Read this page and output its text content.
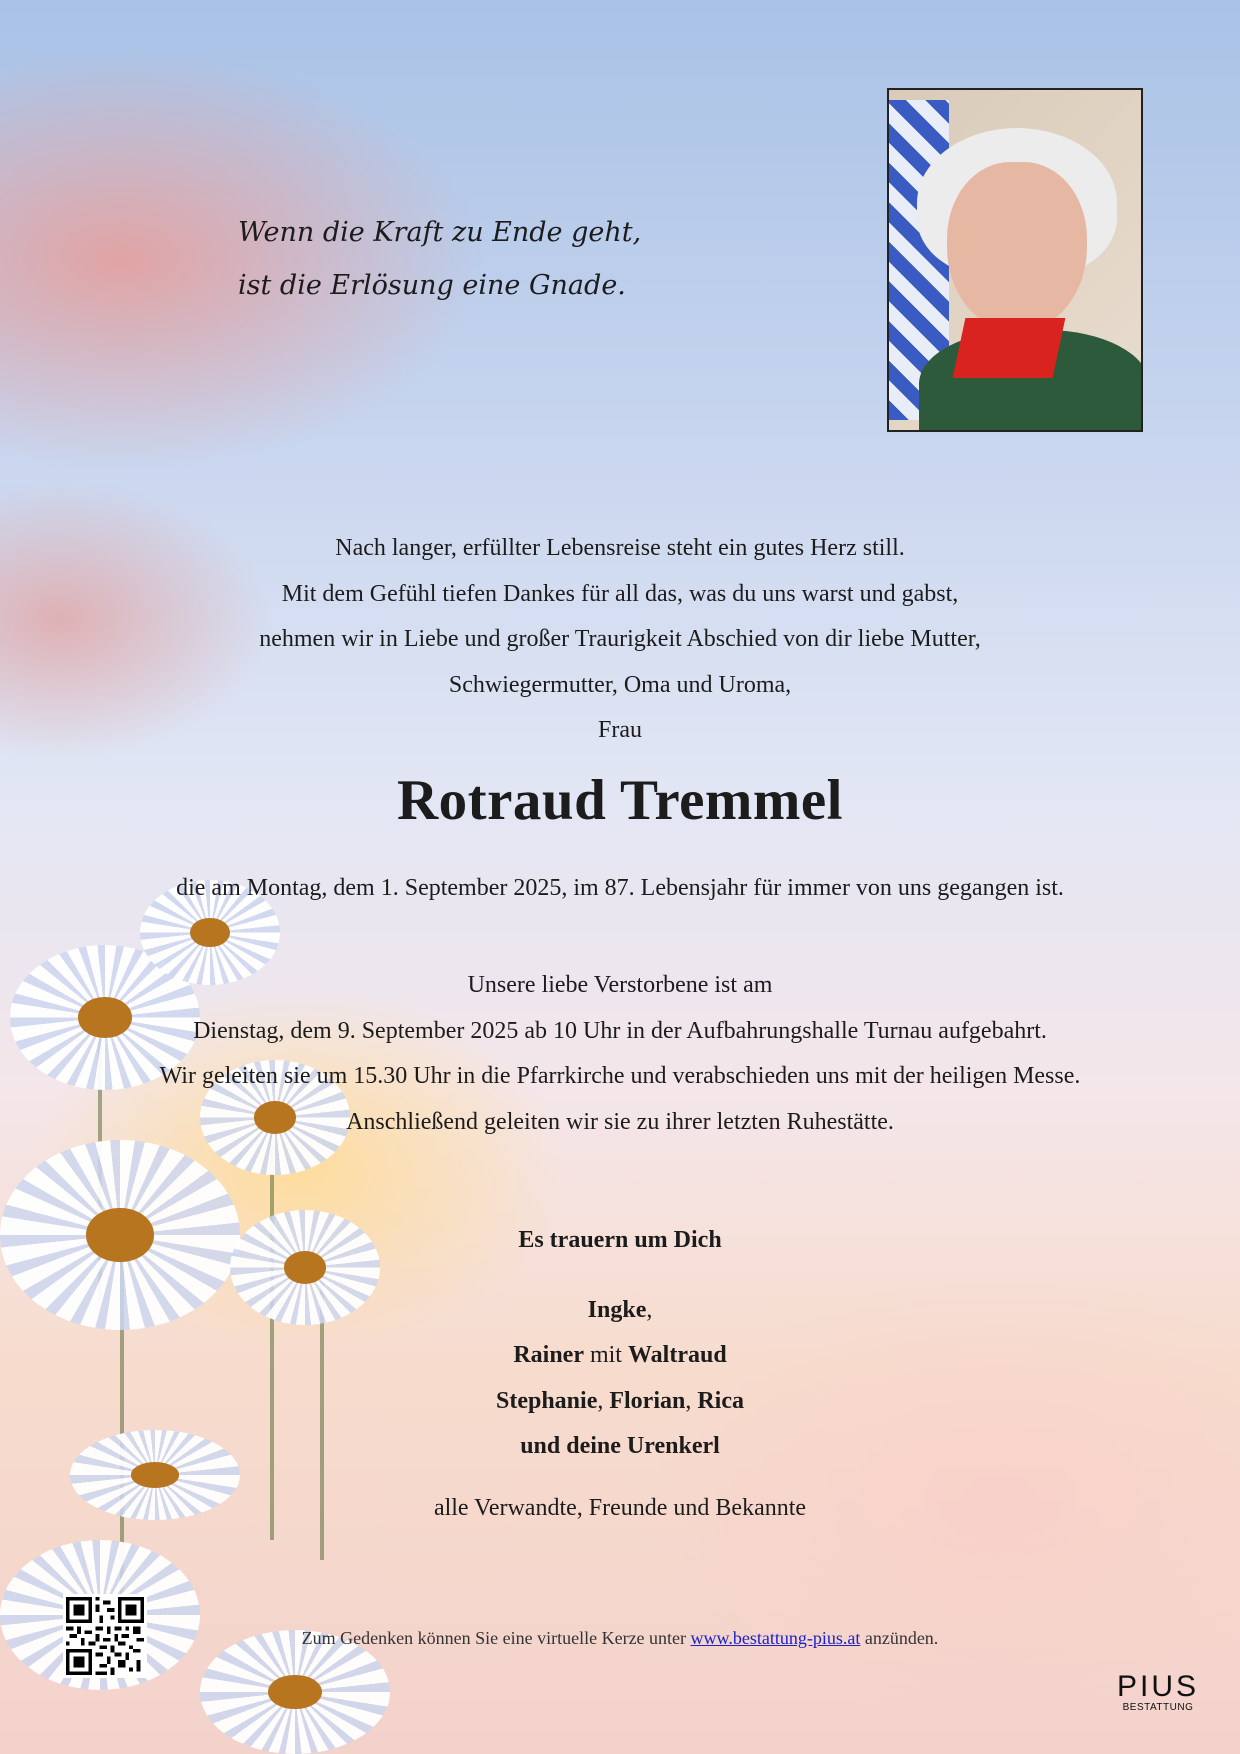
Wenn die Kraft zu Ende geht,
ist die Erlösung eine Gnade.
Nach langer, erfüllter Lebensreise steht ein gutes Herz still.
Mit dem Gefühl tiefen Dankes für all das, was du uns warst und gabst,
nehmen wir in Liebe und großer Traurigkeit Abschied von dir liebe Mutter,
Schwiegermutter, Oma und Uroma,
Frau
Rotraud Tremmel
die am Montag, dem 1. September 2025, im 87. Lebensjahr für immer von uns gegangen ist.
Unsere liebe Verstorbene ist am
Dienstag, dem 9. September 2025 ab 10 Uhr in der Aufbahrungshalle Turnau aufgebahrt.
Wir geleiten sie um 15.30 Uhr in die Pfarrkirche und verabschieden uns mit der heiligen Messe.
Anschließend geleiten wir sie zu ihrer letzten Ruhestätte.
Es trauern um Dich
Ingke,
Rainer mit Waltraud
Stephanie, Florian, Rica
und deine Urenkerl
alle Verwandte, Freunde und Bekannte
Zum Gedenken können Sie eine virtuelle Kerze unter www.bestattung-pius.at anzünden.
PIUS
BESTATTUNG
